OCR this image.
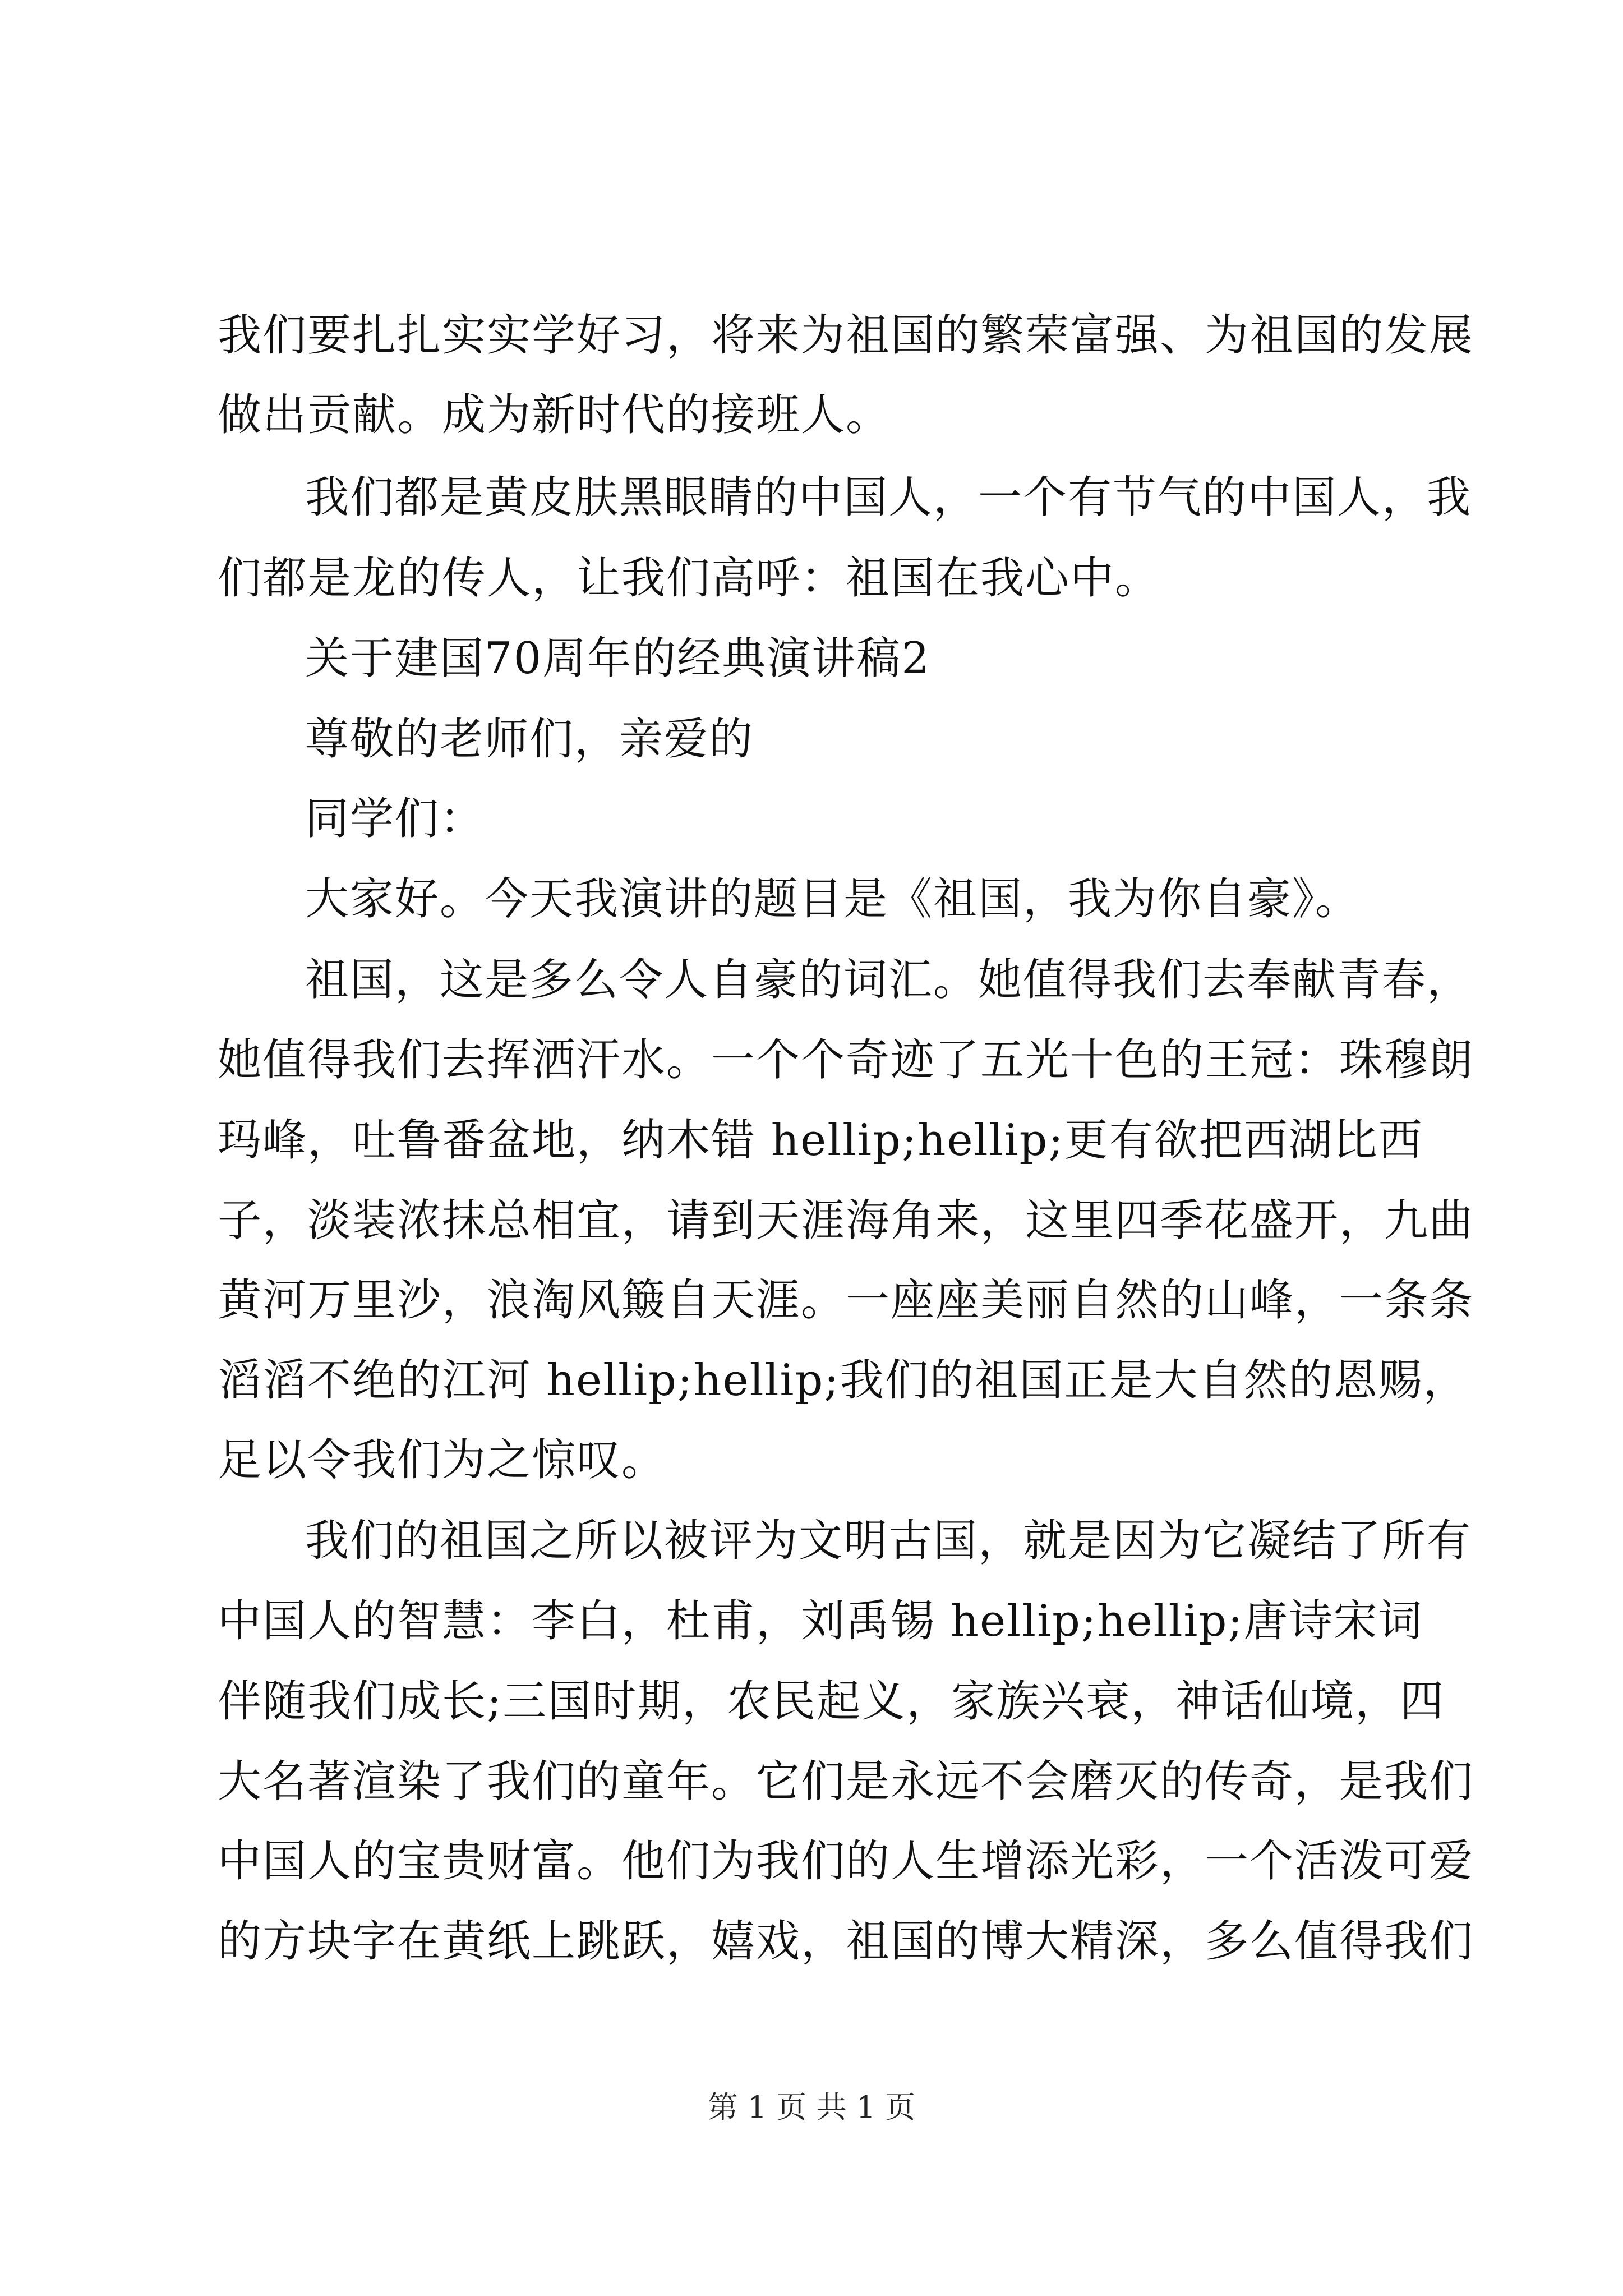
我们要扎扎实实学好习，将来为祖国的繁荣富强、为祖国的发展
做出贡献。成为新时代的接班人。
我们都是黄皮肤黑眼睛的中国人，一个有节气的中国人，我
们都是龙的传人，让我们高呼：祖国在我心中。
关于建国70周年的经典演讲稿2
尊敬的老师们，亲爱的
同学们：
大家好。今天我演讲的题目是《祖国，我为你自豪》。
祖国，这是多么令人自豪的词汇。她值得我们去奉献青春，
她值得我们去挥洒汗水。一个个奇迹了五光十色的王冠：珠穆朗
玛峰，吐鲁番盆地，纳木错 hellip;hellip;更有欲把西湖比西
子，淡装浓抹总相宜，请到天涯海角来，这里四季花盛开，九曲
黄河万里沙，浪淘风簸自天涯。一座座美丽自然的山峰，一条条
滔滔不绝的江河 hellip;hellip;我们的祖国正是大自然的恩赐，
足以令我们为之惊叹。
我们的祖国之所以被评为文明古国，就是因为它凝结了所有
中国人的智慧：李白，杜甫，刘禹锡 hellip;hellip;唐诗宋词
伴随我们成长;三国时期，农民起义，家族兴衰，神话仙境，四
大名著渲染了我们的童年。它们是永远不会磨灭的传奇，是我们
中国人的宝贵财富。他们为我们的人生增添光彩，一个活泼可爱
的方块字在黄纸上跳跃，嬉戏，祖国的博大精深，多么值得我们
第 1 页 共 1 页
